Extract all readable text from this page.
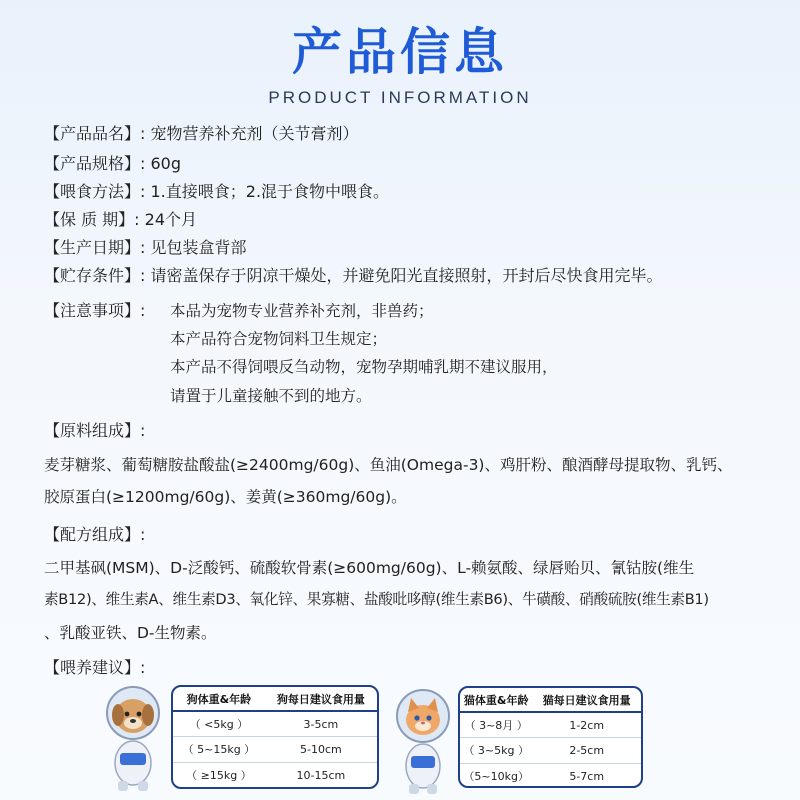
产品信息
PRODUCT INFORMATION
【产品品名】: 宠物营养补充剂（关节膏剂）
【产品规格】: 60g
【喂食方法】: 1.直接喂食；2.混于食物中喂食。
【保 质 期】: 24个月
【生产日期】: 见包装盒背部
【贮存条件】: 请密盖保存于阴凉干燥处，并避免阳光直接照射，开封后尽快食用完毕。
【注意事项】: 本品为宠物专业营养补充剂，非兽药；
本产品符合宠物饲料卫生规定；
本产品不得饲喂反刍动物，宠物孕期哺乳期不建议服用，
请置于儿童接触不到的地方。
【原料组成】:
麦芽糖浆、葡萄糖胺盐酸盐(≥2400mg/60g)、鱼油(Omega-3)、鸡肝粉、酿酒酵母提取物、乳钙、
胶原蛋白(≥1200mg/60g)、姜黄(≥360mg/60g)。
【配方组成】:
二甲基砜(MSM)、D-泛酸钙、硫酸软骨素(≥600mg/60g)、L-赖氨酸、绿唇贻贝、氰钴胺(维生
素B12)、维生素A、维生素D3、氧化锌、果寡糖、盐酸吡哆醇(维生素B6)、牛磺酸、硝酸硫胺(维生素B1)
、乳酸亚铁、D-生物素。
【喂养建议】:
狗体重&年龄	狗每日建议食用量
（ <5kg ）	3-5cm
（ 5~15kg ）	5-10cm
（ ≥15kg ）	10-15cm
猫体重&年龄	猫每日建议食用量
（ 3~8月 ）	1-2cm
（ 3~5kg ）	2-5cm
（5~10kg）	5-7cm
